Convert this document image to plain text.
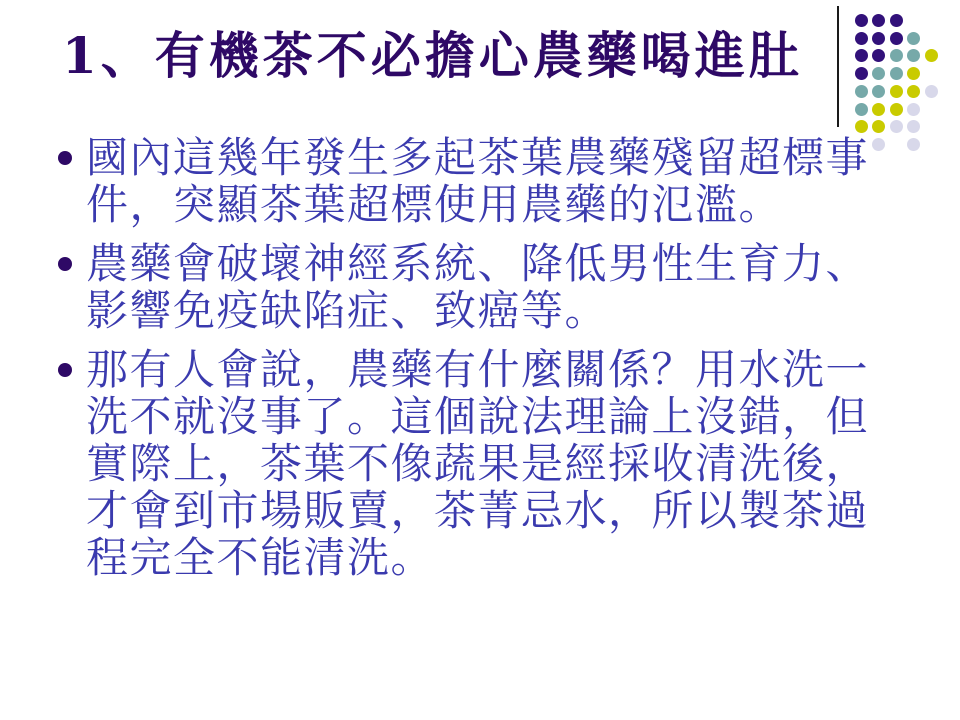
1、有機茶不必擔心農藥喝進肚
國內這幾年發生多起茶葉農藥殘留超標事件，突顯茶葉超標使用農藥的氾濫。
農藥會破壞神經系統、降低男性生育力、影響免疫缺陷症、致癌等。
那有人會說，農藥有什麼關係？用水洗一洗不就沒事了。這個說法理論上沒錯，但實際上，茶葉不像蔬果是經採收清洗後，才會到市場販賣，茶菁忌水，所以製茶過程完全不能清洗。
